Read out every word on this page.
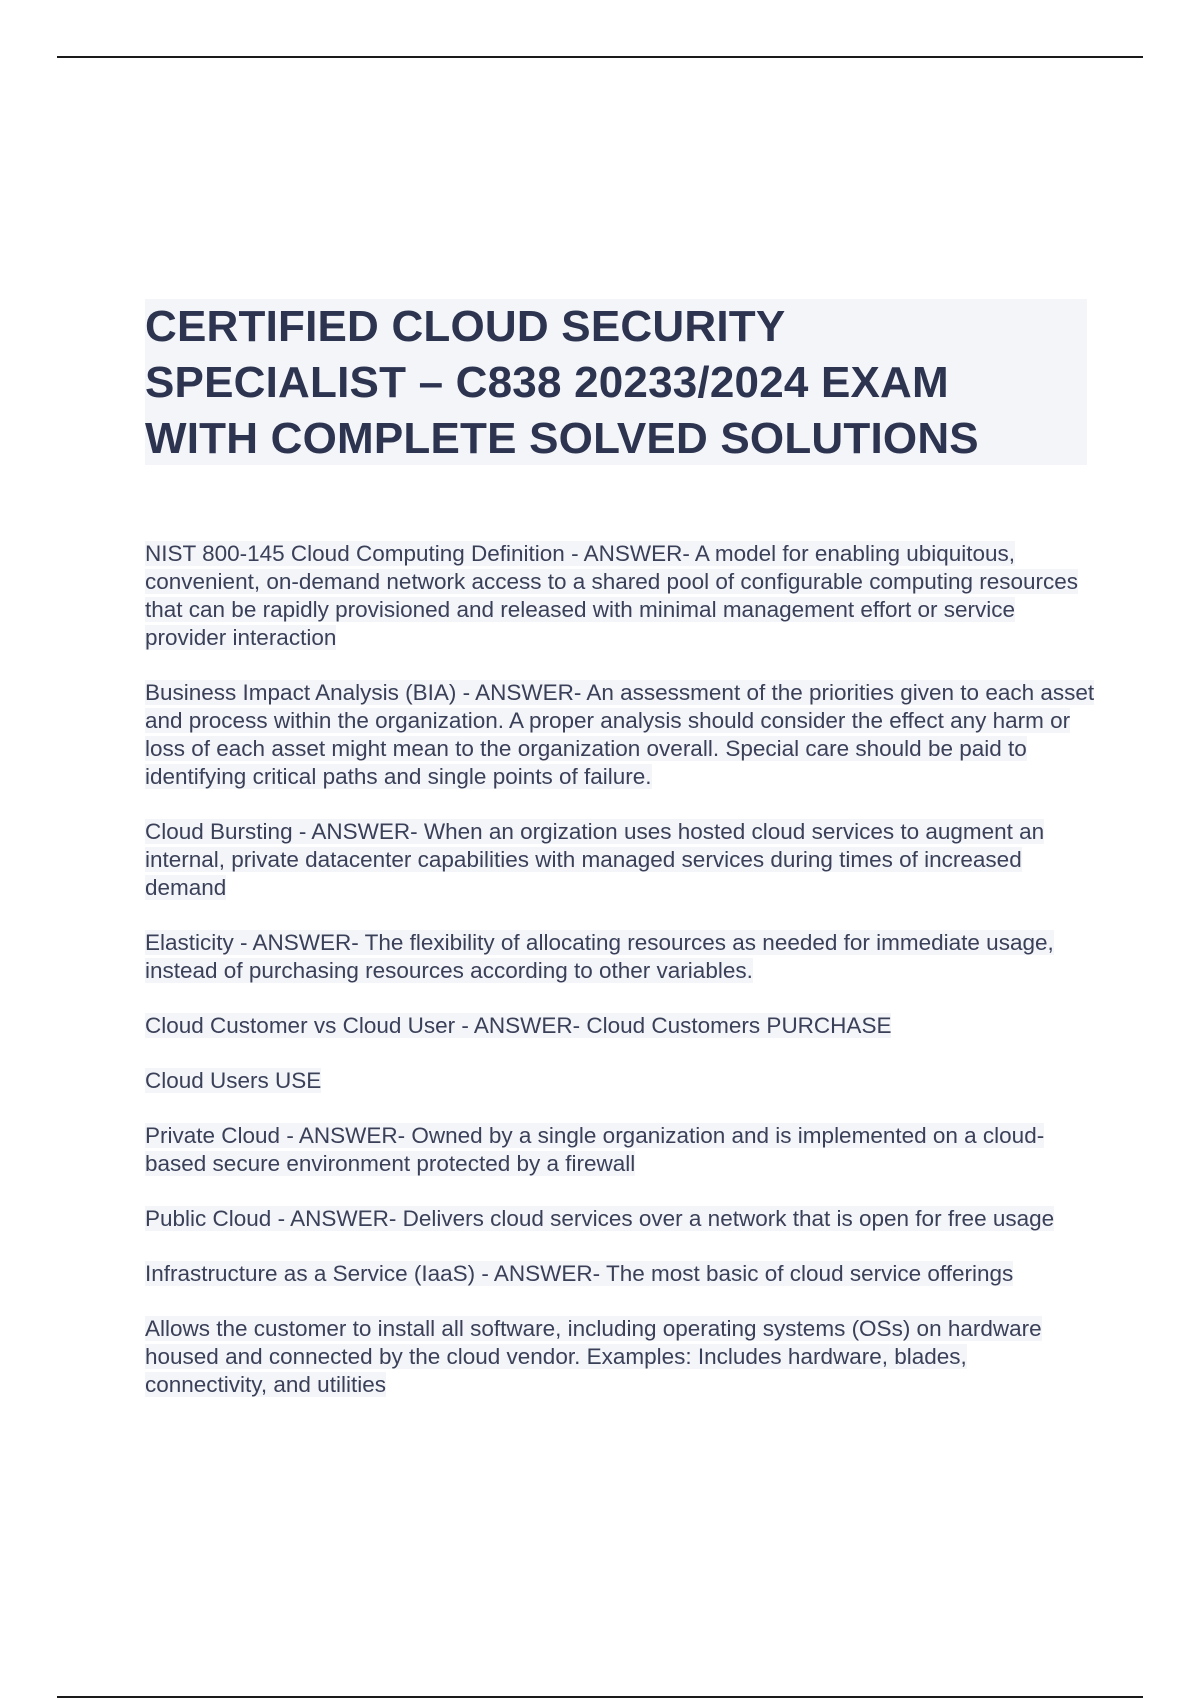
CERTIFIED CLOUD SECURITY
SPECIALIST – C838 20233/2024 EXAM
WITH COMPLETE SOLVED SOLUTIONS

NIST 800-145 Cloud Computing Definition - ANSWER- A model for enabling ubiquitous, convenient, on-demand network access to a shared pool of configurable computing resources that can be rapidly provisioned and released with minimal management effort or service provider interaction

Business Impact Analysis (BIA) - ANSWER- An assessment of the priorities given to each asset and process within the organization. A proper analysis should consider the effect any harm or loss of each asset might mean to the organization overall. Special care should be paid to identifying critical paths and single points of failure.

Cloud Bursting - ANSWER- When an orgization uses hosted cloud services to augment an internal, private datacenter capabilities with managed services during times of increased demand

Elasticity - ANSWER- The flexibility of allocating resources as needed for immediate usage, instead of purchasing resources according to other variables.

Cloud Customer vs Cloud User - ANSWER- Cloud Customers PURCHASE

Cloud Users USE

Private Cloud - ANSWER- Owned by a single organization and is implemented on a cloud-based secure environment protected by a firewall

Public Cloud - ANSWER- Delivers cloud services over a network that is open for free usage

Infrastructure as a Service (IaaS) - ANSWER- The most basic of cloud service offerings

Allows the customer to install all software, including operating systems (OSs) on hardware housed and connected by the cloud vendor. Examples: Includes hardware, blades, connectivity, and utilities
